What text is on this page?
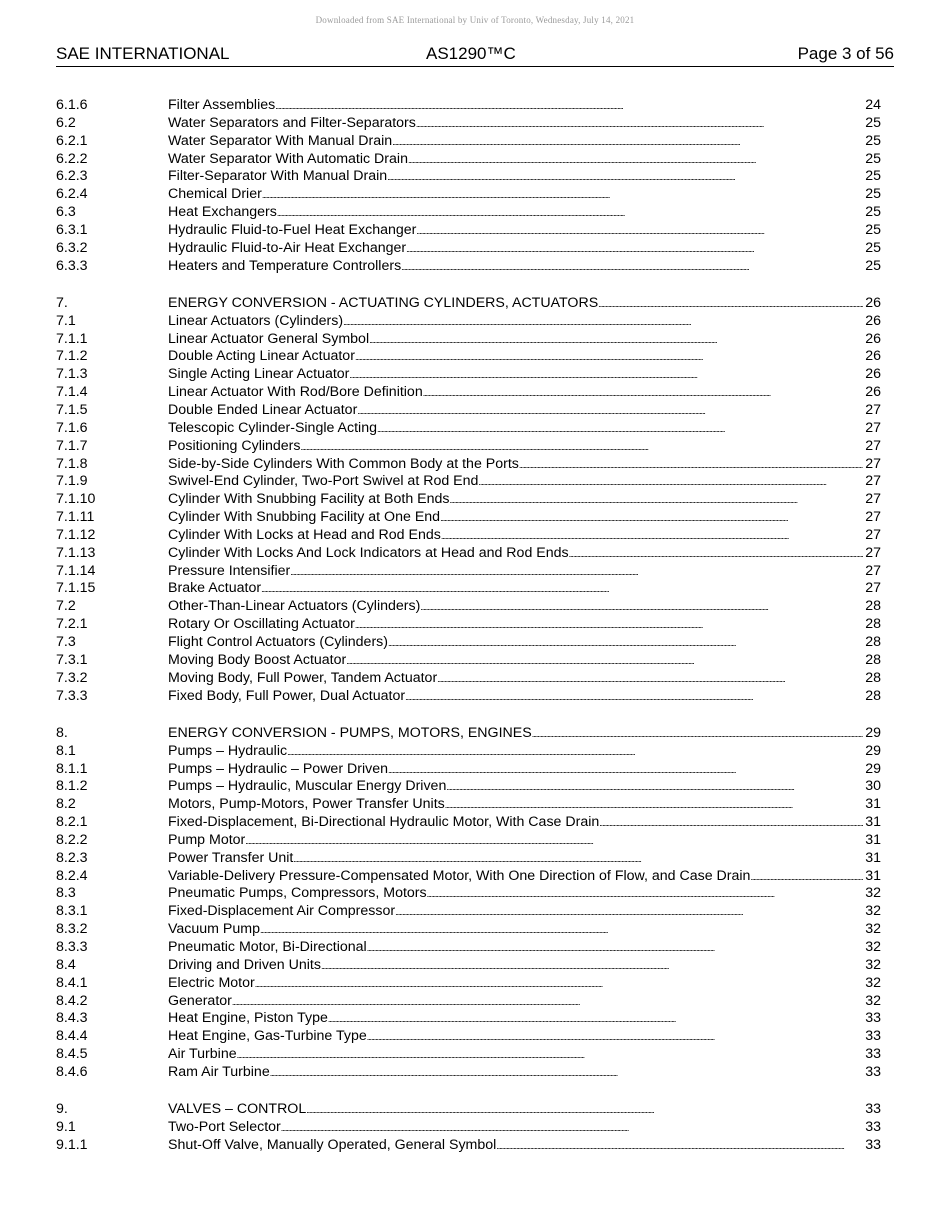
Downloaded from SAE International by Univ of Toronto, Wednesday, July 14, 2021
SAE INTERNATIONAL	AS1290™C	Page 3 of 56
6.1.6	Filter Assemblies . . .	24
6.2	Water Separators and Filter-Separators . . .	25
6.2.1	Water Separator With Manual Drain . . .	25
6.2.2	Water Separator With Automatic Drain . . .	25
6.2.3	Filter-Separator With Manual Drain . . .	25
6.2.4	Chemical Drier . . .	25
6.3	Heat Exchangers . . .	25
6.3.1	Hydraulic Fluid-to-Fuel Heat Exchanger . . .	25
6.3.2	Hydraulic Fluid-to-Air Heat Exchanger . . .	25
6.3.3	Heaters and Temperature Controllers . . .	25
7.	ENERGY CONVERSION - ACTUATING CYLINDERS, ACTUATORS . . .	26
7.1	Linear Actuators (Cylinders) . . .	26
7.1.1	Linear Actuator General Symbol . . .	26
7.1.2	Double Acting Linear Actuator . . .	26
7.1.3	Single Acting Linear Actuator . . .	26
7.1.4	Linear Actuator With Rod/Bore Definition . . .	26
7.1.5	Double Ended Linear Actuator . . .	27
7.1.6	Telescopic Cylinder-Single Acting . . .	27
7.1.7	Positioning Cylinders . . .	27
7.1.8	Side-by-Side Cylinders With Common Body at the Ports . . .	27
7.1.9	Swivel-End Cylinder, Two-Port Swivel at Rod End . . .	27
7.1.10	Cylinder With Snubbing Facility at Both Ends . . .	27
7.1.11	Cylinder With Snubbing Facility at One End . . .	27
7.1.12	Cylinder With Locks at Head and Rod Ends . . .	27
7.1.13	Cylinder With Locks And Lock Indicators at Head and Rod Ends . . .	27
7.1.14	Pressure Intensifier . . .	27
7.1.15	Brake Actuator . . .	27
7.2	Other-Than-Linear Actuators (Cylinders) . . .	28
7.2.1	Rotary Or Oscillating Actuator . . .	28
7.3	Flight Control Actuators (Cylinders) . . .	28
7.3.1	Moving Body Boost Actuator . . .	28
7.3.2	Moving Body, Full Power, Tandem Actuator . . .	28
7.3.3	Fixed Body, Full Power, Dual Actuator . . .	28
8.	ENERGY CONVERSION - PUMPS, MOTORS, ENGINES . . .	29
8.1	Pumps – Hydraulic . . .	29
8.1.1	Pumps – Hydraulic – Power Driven . . .	29
8.1.2	Pumps – Hydraulic, Muscular Energy Driven . . .	30
8.2	Motors, Pump-Motors, Power Transfer Units . . .	31
8.2.1	Fixed-Displacement, Bi-Directional Hydraulic Motor, With Case Drain . . .	31
8.2.2	Pump Motor . . .	31
8.2.3	Power Transfer Unit . . .	31
8.2.4	Variable-Delivery Pressure-Compensated Motor, With One Direction of Flow, and Case Drain . . .	31
8.3	Pneumatic Pumps, Compressors, Motors . . .	32
8.3.1	Fixed-Displacement Air Compressor . . .	32
8.3.2	Vacuum Pump . . .	32
8.3.3	Pneumatic Motor, Bi-Directional . . .	32
8.4	Driving and Driven Units . . .	32
8.4.1	Electric Motor . . .	32
8.4.2	Generator . . .	32
8.4.3	Heat Engine, Piston Type . . .	33
8.4.4	Heat Engine, Gas-Turbine Type . . .	33
8.4.5	Air Turbine . . .	33
8.4.6	Ram Air Turbine . . .	33
9.	VALVES – CONTROL . . .	33
9.1	Two-Port Selector . . .	33
9.1.1	Shut-Off Valve, Manually Operated, General Symbol . . .	33
